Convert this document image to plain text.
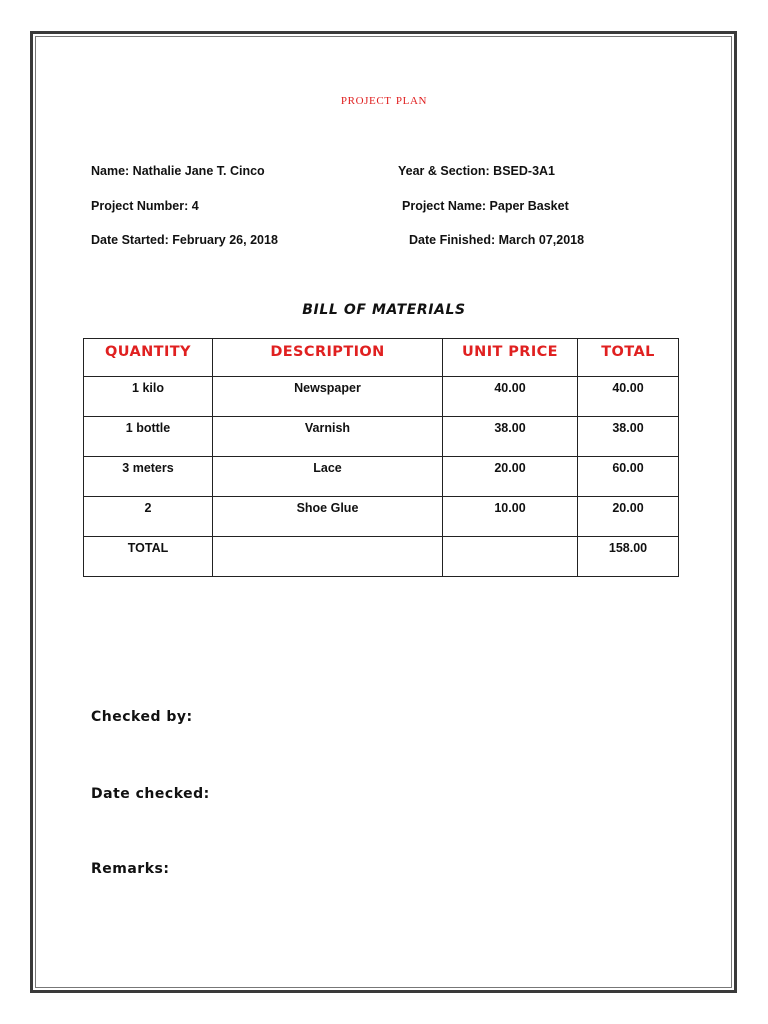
project plan
Name: Nathalie Jane T. Cinco	Year & Section: BSED-3A1
Project Number: 4	Project Name: Paper Basket
Date Started: February 26, 2018	Date Finished: March 07,2018
BILL OF MATERIALS
QUANTITY	DESCRIPTION	UNIT PRICE	TOTAL
1 kilo	Newspaper	40.00	40.00
1 bottle	Varnish	38.00	38.00
3 meters	Lace	20.00	60.00
2	Shoe Glue	10.00	20.00
TOTAL			158.00
Checked by:
Date checked:
Remarks:
